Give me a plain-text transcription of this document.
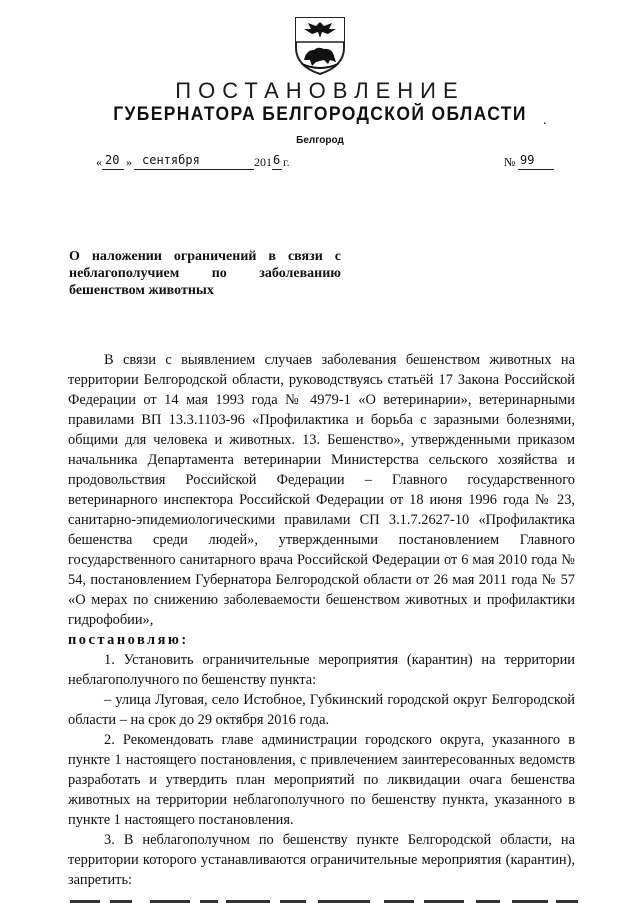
ПОСТАНОВЛЕНИЕ
ГУБЕРНАТОРА БЕЛГОРОДСКОЙ ОБЛАСТИ	.
Белгород
« 20 » сентября	201 6 г.	№ 99
О наложении ограничений в связи с неблагополучием по заболеванию бешенством животных

В связи с выявлением случаев заболевания бешенством животных на территории Белгородской области, руководствуясь статьёй 17 Закона Российской Федерации от 14 мая 1993 года № 4979-1 «О ветеринарии», ветеринарными правилами ВП 13.3.1103-96 «Профилактика и борьба с заразными болезнями, общими для человека и животных. 13. Бешенство», утвержденными приказом начальника Департамента ветеринарии Министерства сельского хозяйства и продовольствия Российской Федерации – Главного государственного ветеринарного инспектора Российской Федерации от 18 июня 1996 года № 23, санитарно-эпидемиологическими правилами СП 3.1.7.2627-10 «Профилактика бешенства среди людей», утвержденными постановлением Главного государственного санитарного врача Российской Федерации от 6 мая 2010 года № 54, постановлением Губернатора Белгородской области от 26 мая 2011 года № 57 «О мерах по снижению заболеваемости бешенством животных и профилактики гидрофобии»,

постановляю:

1. Установить ограничительные мероприятия (карантин) на территории неблагополучного по бешенству пункта:

– улица Луговая, село Истобное, Губкинский городской округ Белгородской области – на срок до 29 октября 2016 года.

2. Рекомендовать главе администрации городского округа, указанного в пункте 1 настоящего постановления, с привлечением заинтересованных ведомств разработать и утвердить план мероприятий по ликвидации очага бешенства животных на территории неблагополучного по бешенству пункта, указанного в пункте 1 настоящего постановления.

3. В неблагополучном по бешенству пункте Белгородской области, на территории которого устанавливаются ограничительные мероприятия (карантин), запретить:
